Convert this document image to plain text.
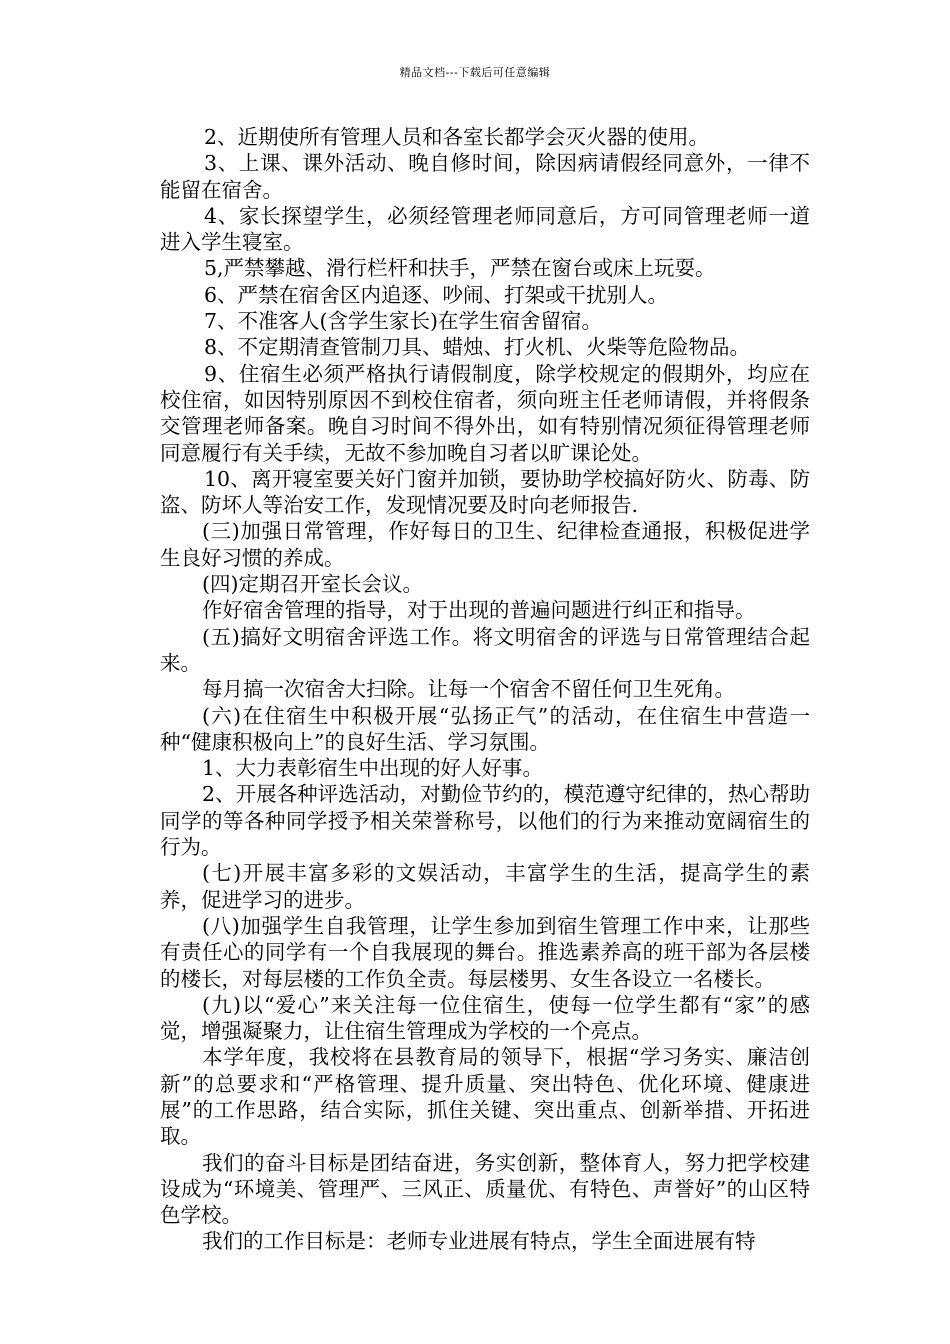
精品文档---下载后可任意编辑

2、近期使所有管理人员和各室长都学会灭火器的使用。

3、上课、课外活动、晚自修时间，除因病请假经同意外，一律不能留在宿舍。

4、家长探望学生，必须经管理老师同意后，方可同管理老师一道进入学生寝室。

5,严禁攀越、滑行栏杆和扶手，严禁在窗台或床上玩耍。

6、严禁在宿舍区内追逐、吵闹、打架或干扰别人。

7、不准客人(含学生家长)在学生宿舍留宿。

8、不定期清查管制刀具、蜡烛、打火机、火柴等危险物品。

9、住宿生必须严格执行请假制度，除学校规定的假期外，均应在校住宿，如因特别原因不到校住宿者，须向班主任老师请假，并将假条交管理老师备案。晚自习时间不得外出，如有特别情况须征得管理老师同意履行有关手续，无故不参加晚自习者以旷课论处。

10、离开寝室要关好门窗并加锁，要协助学校搞好防火、防毒、防盗、防坏人等治安工作，发现情况要及时向老师报告.

(三)加强日常管理，作好每日的卫生、纪律检查通报，积极促进学生良好习惯的养成。

(四)定期召开室长会议。

作好宿舍管理的指导，对于出现的普遍问题进行纠正和指导。

(五)搞好文明宿舍评选工作。将文明宿舍的评选与日常管理结合起来。

每月搞一次宿舍大扫除。让每一个宿舍不留任何卫生死角。

(六)在住宿生中积极开展“弘扬正气”的活动，在住宿生中营造一种“健康积极向上”的良好生活、学习氛围。

1、大力表彰宿生中出现的好人好事。

2、开展各种评选活动，对勤俭节约的，模范遵守纪律的，热心帮助同学的等各种同学授予相关荣誉称号，以他们的行为来推动宽阔宿生的行为。

(七)开展丰富多彩的文娱活动，丰富学生的生活，提高学生的素养，促进学习的进步。

(八)加强学生自我管理，让学生参加到宿生管理工作中来，让那些有责任心的同学有一个自我展现的舞台。推选素养高的班干部为各层楼的楼长，对每层楼的工作负全责。每层楼男、女生各设立一名楼长。

(九)以“爱心”来关注每一位住宿生，使每一位学生都有“家”的感觉，增强凝聚力，让住宿生管理成为学校的一个亮点。

本学年度，我校将在县教育局的领导下，根据“学习务实、廉洁创新”的总要求和“严格管理、提升质量、突出特色、优化环境、健康进展”的工作思路，结合实际，抓住关键、突出重点、创新举措、开拓进取。

我们的奋斗目标是团结奋进，务实创新，整体育人，努力把学校建设成为“环境美、管理严、三风正、质量优、有特色、声誉好”的山区特色学校。

我们的工作目标是：老师专业进展有特点，学生全面进展有特
